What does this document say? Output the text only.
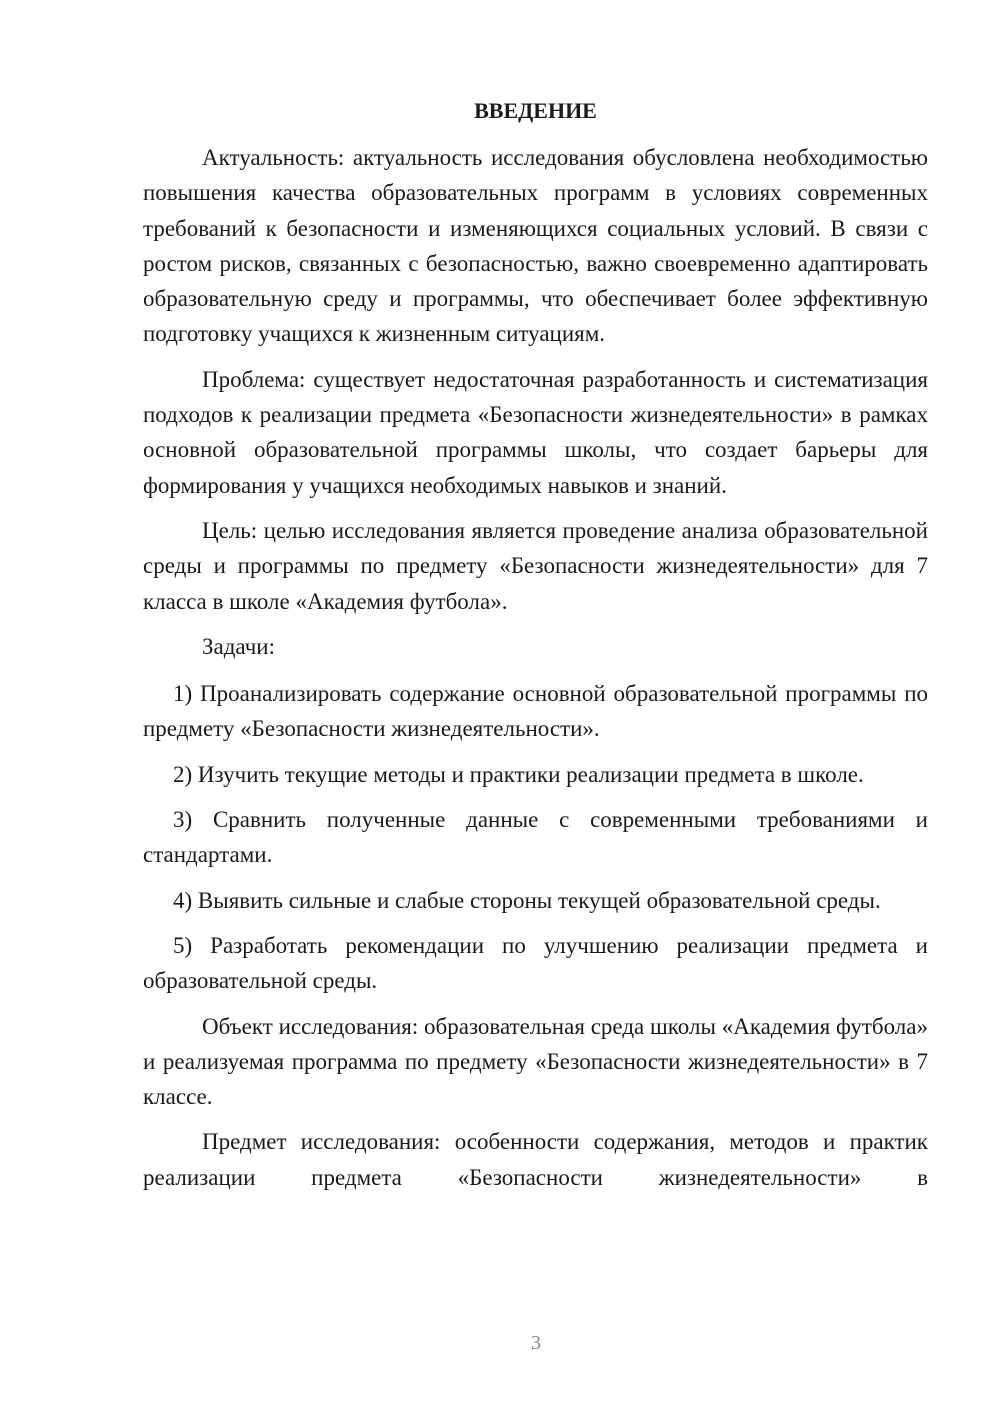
ВВЕДЕНИЕ

Актуальность: актуальность исследования обусловлена необходимостью повышения качества образовательных программ в условиях современных требований к безопасности и изменяющихся социальных условий. В связи с ростом рисков, связанных с безопасностью, важно своевременно адаптировать образовательную среду и программы, что обеспечивает более эффективную подготовку учащихся к жизненным ситуациям.

Проблема: существует недостаточная разработанность и систематизация подходов к реализации предмета «Безопасности жизнедеятельности» в рамках основной образовательной программы школы, что создает барьеры для формирования у учащихся необходимых навыков и знаний.

Цель: целью исследования является проведение анализа образовательной среды и программы по предмету «Безопасности жизнедеятельности» для 7 класса в школе «Академия футбола».

Задачи:

1) Проанализировать содержание основной образовательной программы по предмету «Безопасности жизнедеятельности».

2) Изучить текущие методы и практики реализации предмета в школе.

3) Сравнить полученные данные с современными требованиями и стандартами.

4) Выявить сильные и слабые стороны текущей образовательной среды.

5) Разработать рекомендации по улучшению реализации предмета и образовательной среды.

Объект исследования: образовательная среда школы «Академия футбола» и реализуемая программа по предмету «Безопасности жизнедеятельности» в 7 классе.

Предмет исследования: особенности содержания, методов и практик реализации предмета «Безопасности жизнедеятельности» в

3
